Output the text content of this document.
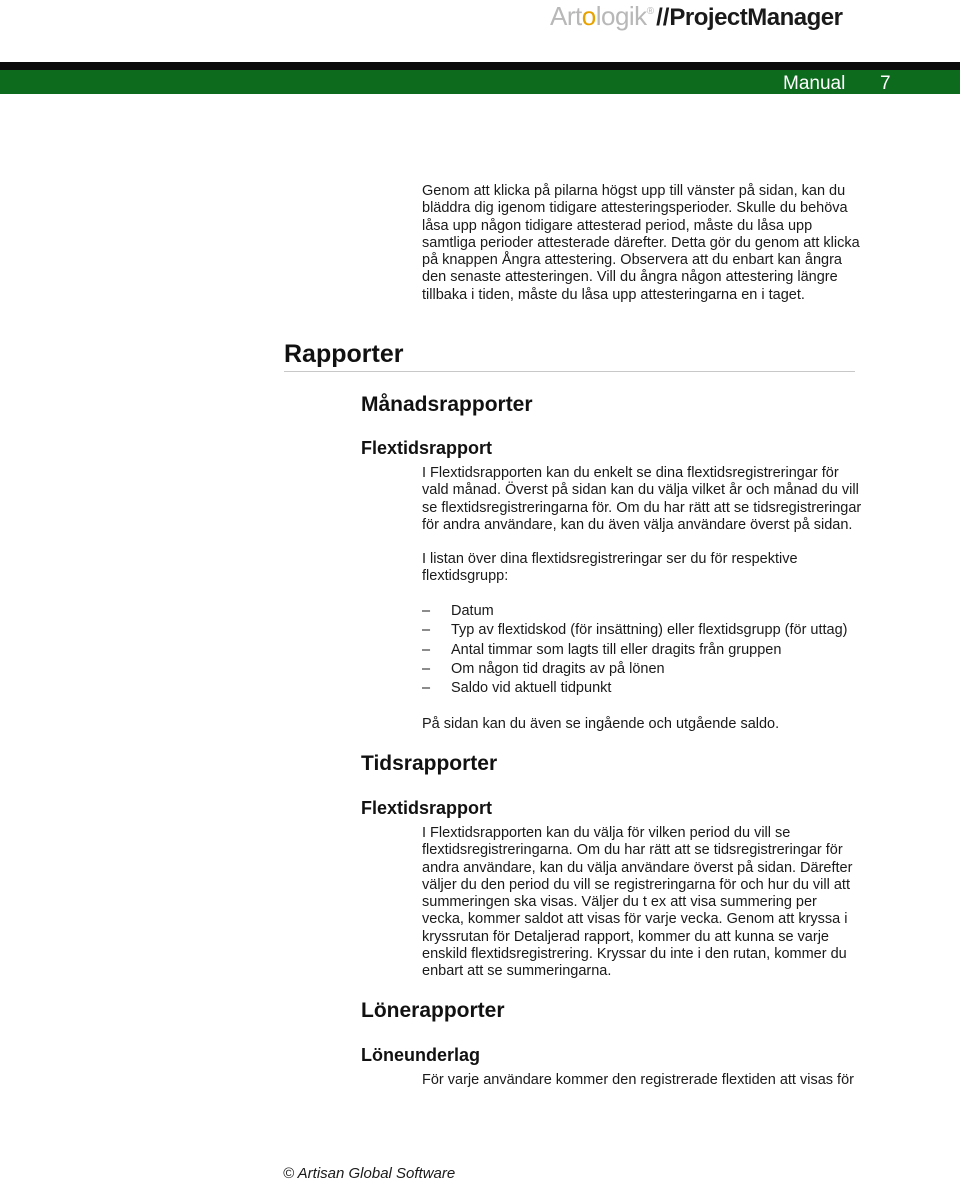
Artologik®//ProjectManager
Manual 7
Genom att klicka på pilarna högst upp till vänster på sidan, kan du bläddra dig igenom tidigare attesteringsperioder. Skulle du behöva låsa upp någon tidigare attesterad period, måste du låsa upp samtliga perioder attesterade därefter. Detta gör du genom att klicka på knappen Ångra attestering. Observera att du enbart kan ångra den senaste attesteringen. Vill du ångra någon attestering längre tillbaka i tiden, måste du låsa upp attesteringarna en i taget.
Rapporter
Månadsrapporter
Flextidsrapport
I Flextidsrapporten kan du enkelt se dina flextidsregistreringar för vald månad. Överst på sidan kan du välja vilket år och månad du vill se flextidsregistreringarna för. Om du har rätt att se tidsregistreringar för andra användare, kan du även välja användare överst på sidan.
I listan över dina flextidsregistreringar ser du för respektive flextidsgrupp:
– Datum
– Typ av flextidskod (för insättning) eller flextidsgrupp (för uttag)
– Antal timmar som lagts till eller dragits från gruppen
– Om någon tid dragits av på lönen
– Saldo vid aktuell tidpunkt
På sidan kan du även se ingående och utgående saldo.
Tidsrapporter
Flextidsrapport
I Flextidsrapporten kan du välja för vilken period du vill se flextidsregistreringarna. Om du har rätt att se tidsregistreringar för andra användare, kan du välja användare överst på sidan. Därefter väljer du den period du vill se registreringarna för och hur du vill att summeringen ska visas. Väljer du t ex att visa summering per vecka, kommer saldot att visas för varje vecka. Genom att kryssa i kryssrutan för Detaljerad rapport, kommer du att kunna se varje enskild flextidsregistrering. Kryssar du inte i den rutan, kommer du enbart att se summeringarna.
Lönerapporter
Löneunderlag
För varje användare kommer den registrerade flextiden att visas för
© Artisan Global Software
